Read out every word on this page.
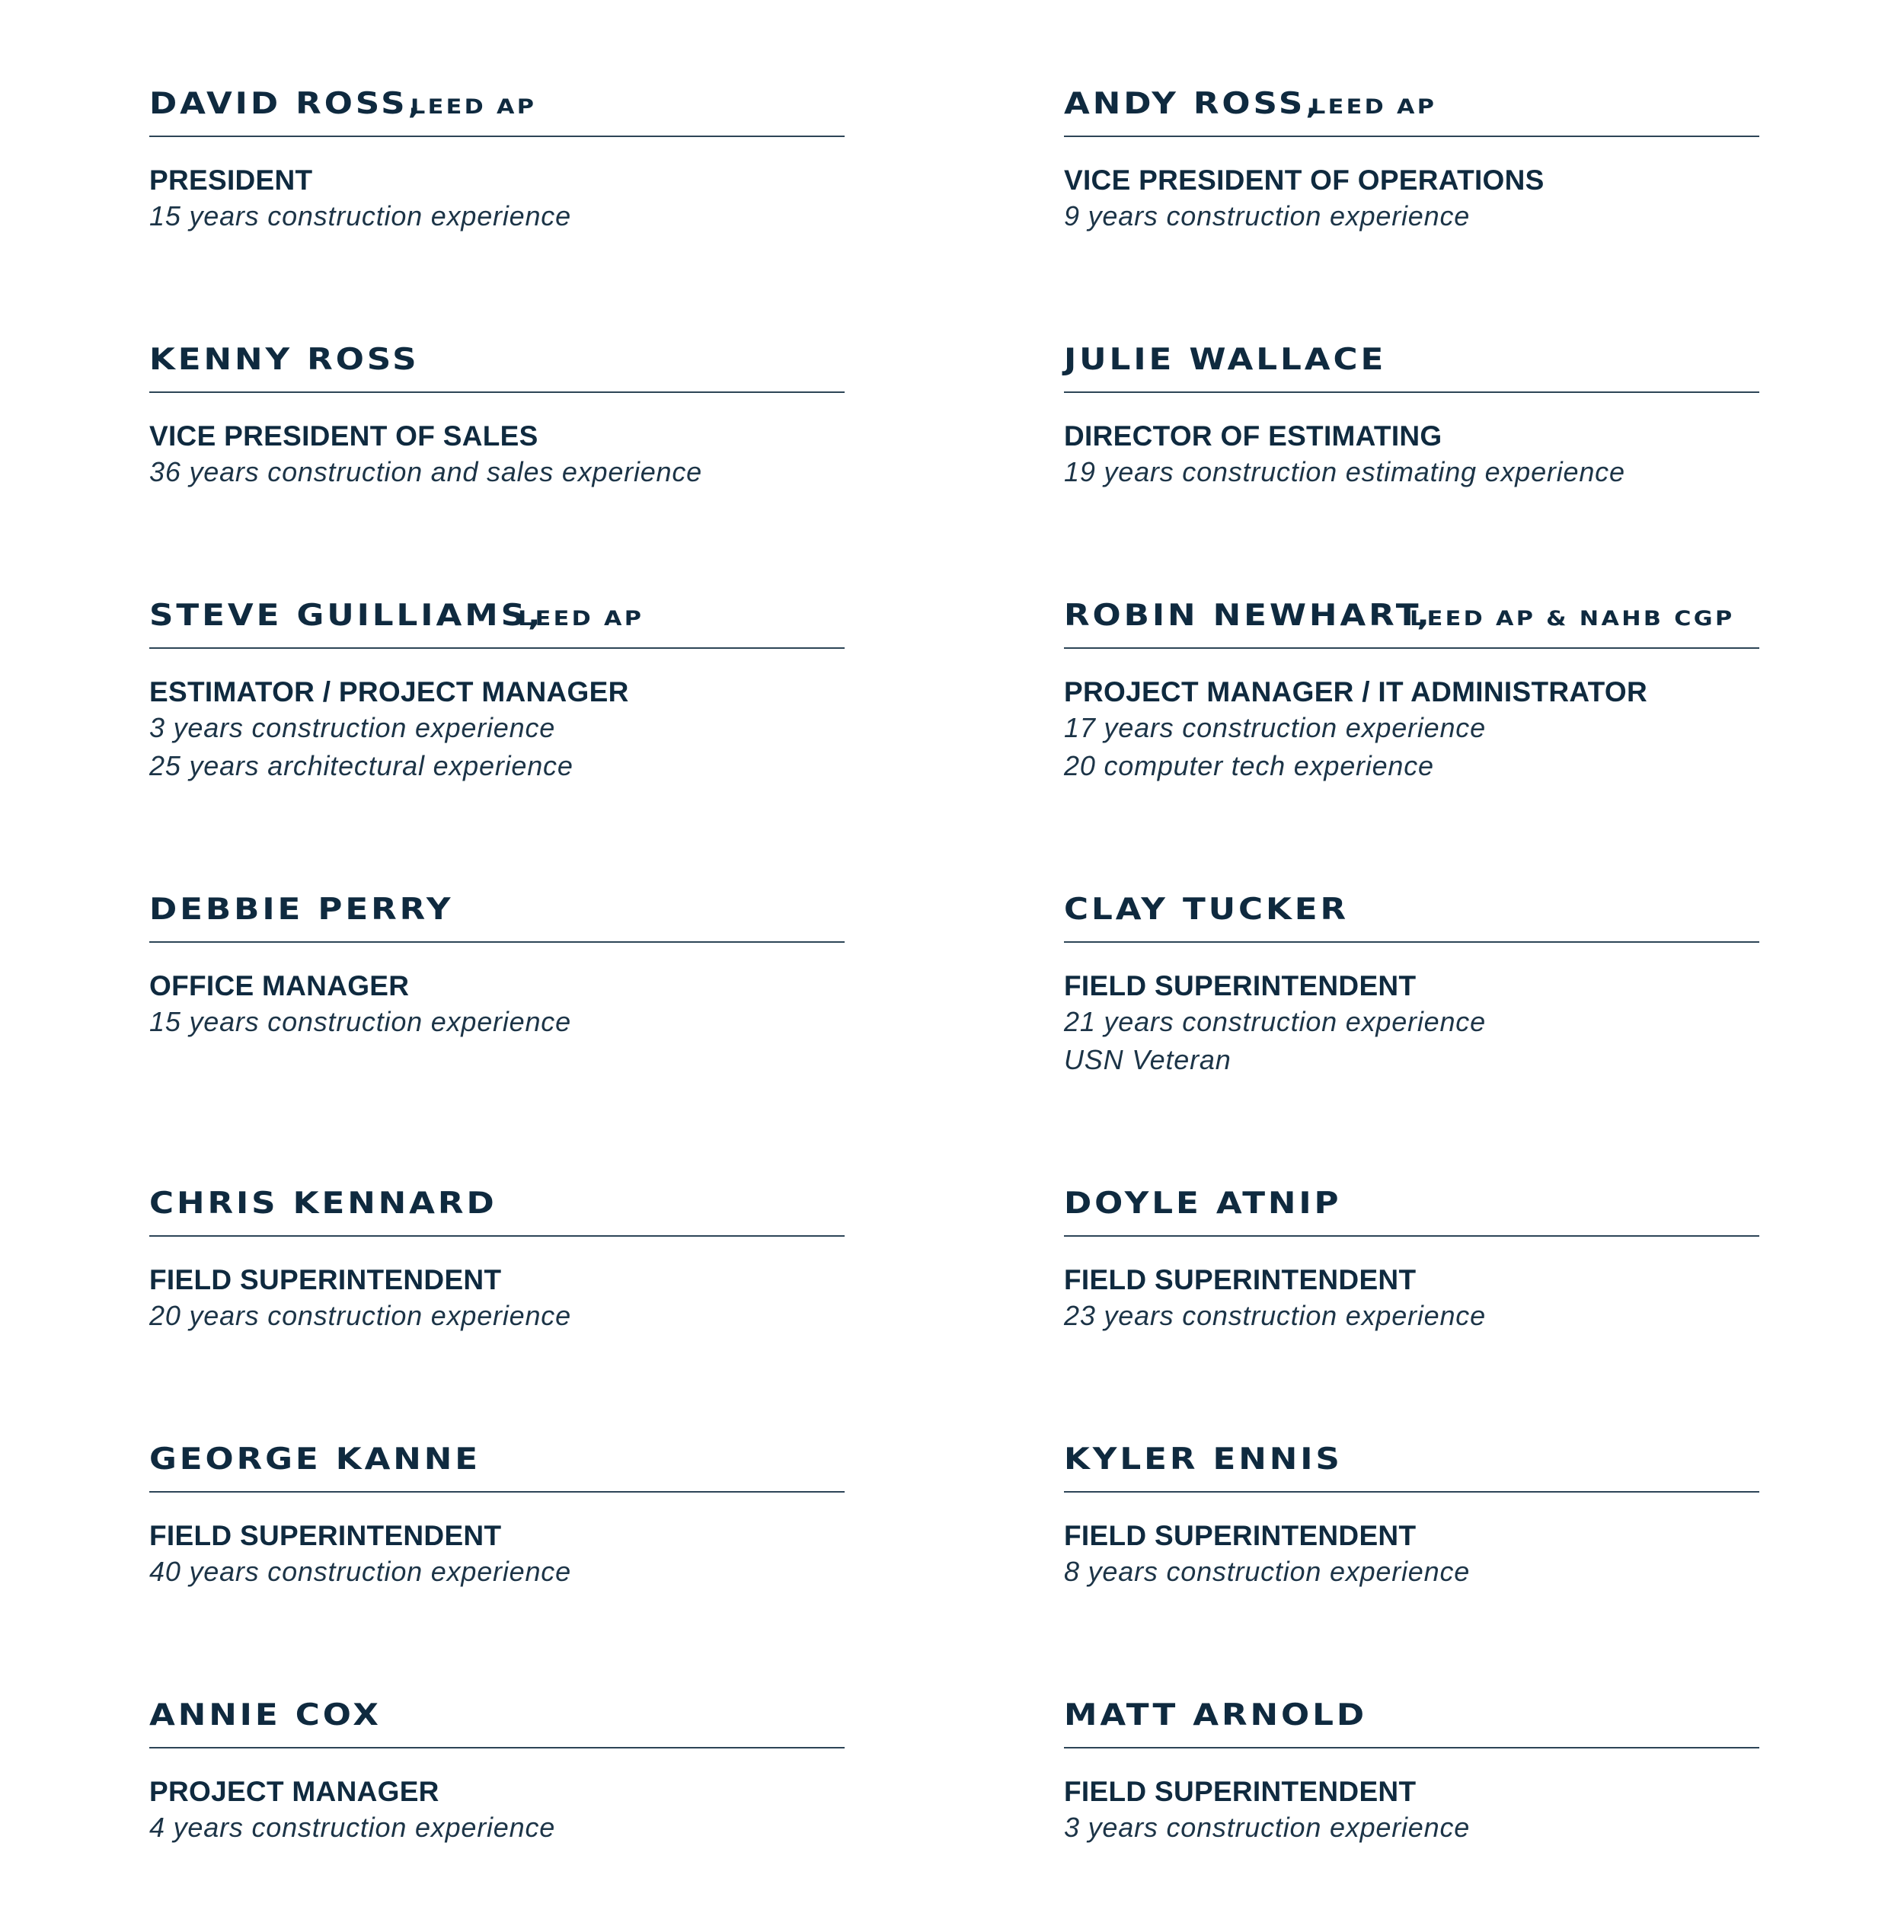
DAVID ROSS,
LEED AP
PRESIDENT
15 years construction experience
ANDY ROSS,
LEED AP
VICE PRESIDENT OF OPERATIONS
9 years construction experience
KENNY ROSS
VICE PRESIDENT OF SALES
36 years construction and sales experience
JULIE WALLACE
DIRECTOR OF ESTIMATING
19 years construction estimating experience
STEVE GUILLIAMS,
LEED AP
ESTIMATOR / PROJECT MANAGER
3 years construction experience
25 years architectural experience
ROBIN NEWHART,
LEED AP & NAHB CGP
PROJECT MANAGER / IT ADMINISTRATOR
17 years construction experience
20 computer tech experience
DEBBIE PERRY
OFFICE MANAGER
15 years construction experience
CLAY TUCKER
FIELD SUPERINTENDENT
21 years construction experience
USN Veteran
CHRIS KENNARD
FIELD SUPERINTENDENT
20 years construction experience
DOYLE ATNIP
FIELD SUPERINTENDENT
23 years construction experience
GEORGE KANNE
FIELD SUPERINTENDENT
40 years construction experience
KYLER ENNIS
FIELD SUPERINTENDENT
8 years construction experience
ANNIE COX
PROJECT MANAGER
4 years construction experience
MATT ARNOLD
FIELD SUPERINTENDENT
3 years construction experience
